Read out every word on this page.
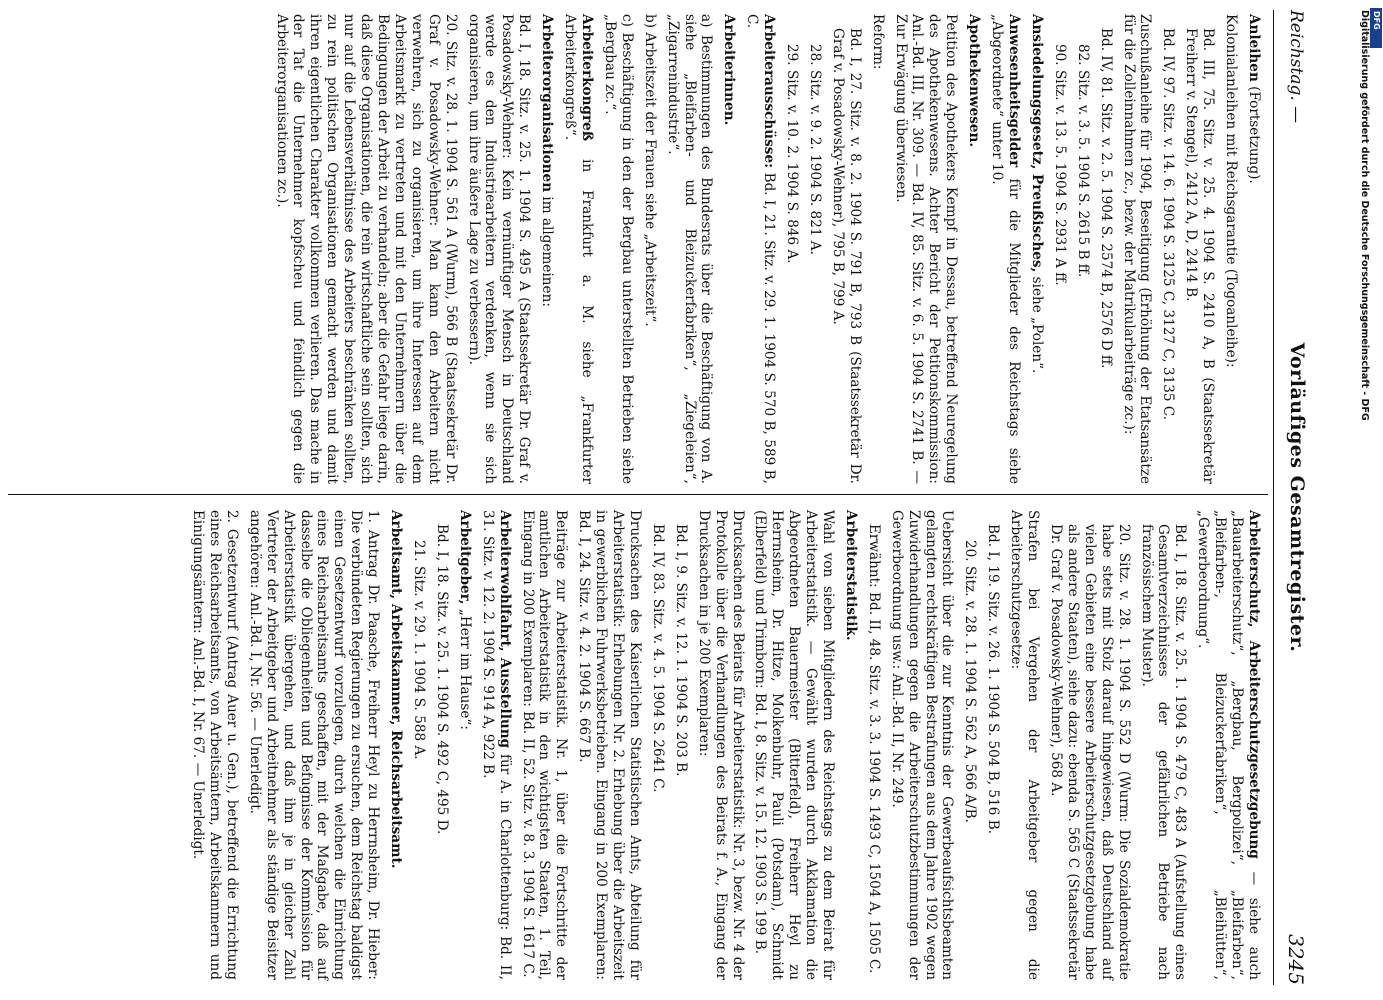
Reichstag. —
Vorläufiges Gesamtregister.
3245

Anleihen (Fortsetzung).

Kolonialanleihen mit Reichsgarantie (Togoanleihe):

Bd. III, 75. Sitz. v. 25. 4. 1904 S. 2410 A, B (Staatssekretär Freiherr v. Stengel), 2412 A, D, 2414 B.

Bd. IV, 97. Sitz. v. 14. 6. 1904 S. 3125 C, 3127 C, 3135 C.

Zuschußanleihe für 1904, Beseitigung (Erhöhung der Etatsansätze für die Zolleinnahmen zc., bezw. der Matrikularbeiträge zc.):

Bd. IV, 81. Sitz. v. 2. 5. 1904 S. 2574 B, 2576 D ff.

82. Sitz. v. 3. 5. 1904 S. 2615 B ff.

90. Sitz. v. 13. 5. 1904 S. 2931 A ff.

Ansiedelungsgesetz, Preußisches, siehe „Polen“.

Anwesenheitsgelder für die Mitglieder des Reichstags siehe „Abgeordnete“ unter 10.

Apothekenwesen.

Petition des Apothekers Kempf in Dessau, betreffend Neuregelung des Apothekenwesens. Achter Bericht der Petitionskommission: Anl.-Bd. III, Nr. 309. — Bd. IV, 85. Sitz. v. 6. 5. 1904 S. 2741 B. — Zur Erwägung überwiesen.

Reform:

Bd. I, 27. Sitz. v. 8. 2. 1904 S. 791 B, 793 B (Staatssekretär Dr. Graf v. Posadowsky-Wehner), 795 B, 799 A.

28. Sitz. v. 9. 2. 1904 S. 821 A.

29. Sitz. v. 10. 2. 1904 S. 846 A.

Arbeiterausschüsse: Bd. I, 21. Sitz. v. 29. 1. 1904 S. 570 B, 589 B, C.

Arbeiterinnen.

a) Bestimmungen des Bundesrats über die Beschäftigung von A. siehe „Bleifarben- und Bleizuckerfabriken“, „Ziegeleien“, „Zigarrenindustrie“.

b) Arbeitszeit der Frauen siehe „Arbeitszeit“.

c) Beschäftigung in den der Bergbau unterstellten Betrieben siehe „Bergbau zc.“.

Arbeiterkongreß in Frankfurt a. M. siehe „Frankfurter Arbeiterkongreß“.

Arbeiterorganisationen im allgemeinen:

Bd. I, 18. Sitz. v. 25. 1. 1904 S. 495 A (Staatssekretär Dr. Graf v. Posadowsky-Wehner: Kein vernünftiger Mensch in Deutschland werde es den Industriearbeitern verdenken, wenn sie sich organisieren, um ihre äußere Lage zu verbessern).

20. Sitz. v. 28. 1. 1904 S. 561 A (Wurm), 566 B (Staatssekretär Dr. Graf v. Posadowsky-Wehner: Man kann den Arbeitern nicht verwehren, sich zu organisieren, um ihre Interessen auf dem Arbeitsmarkt zu vertreten und mit den Unternehmern über die Bedingungen der Arbeit zu verhandeln; aber die Gefahr liege darin, daß diese Organisationen, die rein wirtschaftliche sein sollten, sich nur auf die Lebensverhältnisse des Arbeiters beschränken sollten, zu rein politischen Organisationen gemacht werden und damit ihren eigentlichen Charakter vollkommen verlieren. Das mache in der Tat die Unternehmer kopfscheu und feindlich gegen die Arbeiterorganisationen zc.).

Arbeiterschutz, Arbeiterschutzgesetzgebung — siehe auch „Bauarbeiterschutz“, „Bergbau, Bergpolizei“, „Bleifarben“, „Bleifarben-, Bleizuckerfabriken“, „Bleihütten“, „Gewerbeordnung“.

Bd. I, 18. Sitz. v. 25. 1. 1904 S. 479 C, 483 A (Aufstellung eines Gesamtverzeichnisses der gefährlichen Betriebe nach französischem Muster).

20. Sitz. v. 28. 1. 1904 S. 552 D (Wurm: Die Sozialdemokratie habe stets mit Stolz darauf hingewiesen, daß Deutschland auf vielen Gebieten eine bessere Arbeiterschutzgesetzgebung habe als andere Staaten), siehe dazu: ebenda S. 565 C (Staatssekretär Dr. Graf v. Posadowsky-Wehner), 568 A.

Strafen bei Vergehen der Arbeitgeber gegen die Arbeiterschutzgesetze:

Bd. I, 19. Sitz. v. 26. 1. 1904 S. 504 B, 516 B.

20. Sitz. v. 28. 1. 1904 S. 562 A, 566 A/B.

Uebersicht über die zur Kenntnis der Gewerbeaufsichtsbeamten gelangten rechtskräftigen Bestrafungen aus dem Jahre 1902 wegen Zuwiderhandlungen gegen die Arbeiterschutzbestimmungen der Gewerbeordnung usw.: Anl.-Bd. II, Nr. 249.

Erwähnt: Bd. II, 48. Sitz. v. 3. 3. 1904 S. 1493 C, 1504 A, 1505 C.

Arbeiterstatistik.

Wahl von sieben Mitgliedern des Reichstags zu dem Beirat für Arbeiterstatistik. — Gewählt wurden durch Akklamation die Abgeordneten Bauermeister (Bitterfeld), Freiherr Heyl zu Herrnsheim, Dr. Hitze, Molkenbuhr, Pauli (Potsdam), Schmidt (Elberfeld) und Trimborn: Bd. I, 8. Sitz. v. 15. 12. 1903 S. 199 B.

Drucksachen des Beirats für Arbeiterstatistik: Nr. 3, bezw. Nr. 4 der Protokolle über die Verhandlungen des Beirats f. A., Eingang der Drucksachen in je 200 Exemplaren:

Bd. I, 9. Sitz. v. 12. 1. 1904 S. 203 B.

Bd. IV, 83. Sitz. v. 4. 5. 1904 S. 2641 C.

Drucksachen des Kaiserlichen Statistischen Amts, Abteilung für Arbeiterstatistik: Erhebungen Nr. 2. Erhebung über die Arbeitszeit in gewerblichen Fuhrwerksbetrieben. Eingang in 200 Exemplaren: Bd. I, 24. Sitz. v. 4. 2. 1904 S. 667 B.

Beiträge zur Arbeiterstatistik. Nr. 1, über die Fortschritte der amtlichen Arbeiterstatistik in den wichtigsten Staaten, 1. Teil, Eingang in 200 Exemplaren: Bd. II, 52. Sitz. v. 8. 3. 1904 S. 1617 C.

Arbeiterwohlfahrt, Ausstellung für A. in Charlottenburg: Bd. II, 31. Sitz. v. 12. 2. 1904 S. 914 A, 922 B.

Arbeitgeber, „Herr im Hause“:

Bd. I, 18. Sitz. v. 25. 1. 1904 S. 492 C, 495 D.

21. Sitz. v. 29. 1. 1904 S. 588 A.

Arbeitsamt, Arbeitskammer, Reichsarbeitsamt.

1. Antrag Dr. Paasche, Freiherr Heyl zu Herrnsheim, Dr. Hieber: Die verbündeten Regierungen zu ersuchen, dem Reichstag baldigst einen Gesetzentwurf vorzulegen, durch welchen die Einrichtung eines Reichsarbeitsamts geschaffen, mit der Maßgabe, daß auf dasselbe die Obliegenheiten und Befugnisse der Kommission für Arbeiterstatistik übergehen, und daß ihm je in gleicher Zahl Vertreter der Arbeitgeber und Arbeitnehmer als ständige Beisitzer angehören: Anl.-Bd. I, Nr. 56. — Unerledigt.

2. Gesetzentwurf (Antrag Auer u. Gen.), betreffend die Errichtung eines Reichsarbeitsamts, von Arbeitsämtern, Arbeitskammern und Einigungsämtern: Anl.-Bd. I, Nr. 67. — Unerledigt.

Digitalisierung gefördert durch die Deutsche Forschungsgemeinschaft - DFG DFG
